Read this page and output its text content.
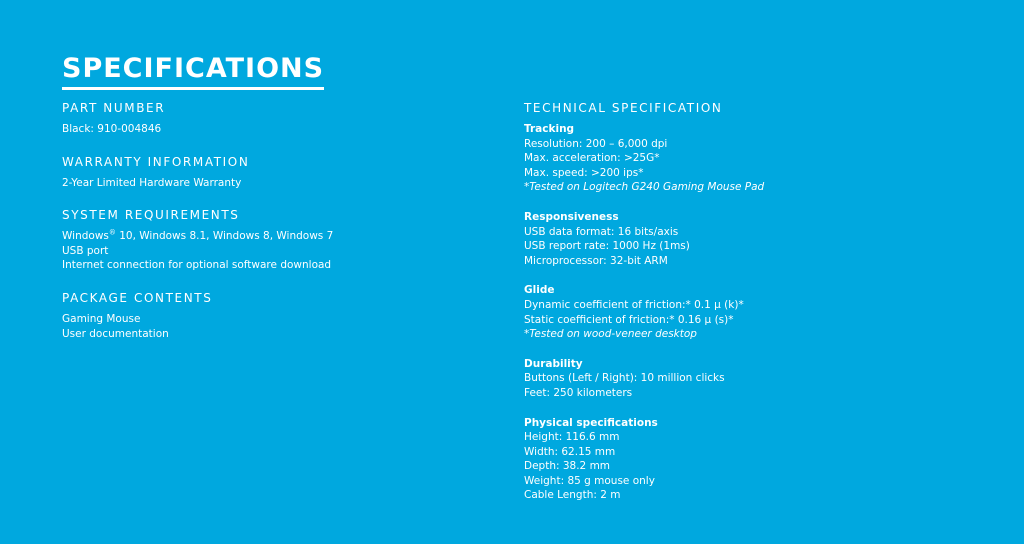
SPECIFICATIONS
PART NUMBER
Black: 910-004846
WARRANTY INFORMATION
2-Year Limited Hardware Warranty
SYSTEM REQUIREMENTS
Windows® 10, Windows 8.1, Windows 8, Windows 7
USB port
Internet connection for optional software download
PACKAGE CONTENTS
Gaming Mouse
User documentation
TECHNICAL SPECIFICATION
Tracking
Resolution: 200 – 6,000 dpi
Max. acceleration: >25G*
Max. speed: >200 ips*
*Tested on Logitech G240 Gaming Mouse Pad
Responsiveness
USB data format: 16 bits/axis
USB report rate: 1000 Hz (1ms)
Microprocessor: 32-bit ARM
Glide
Dynamic coefficient of friction:* 0.1 μ (k)*
Static coefficient of friction:* 0.16 μ (s)*
*Tested on wood-veneer desktop
Durability
Buttons (Left / Right): 10 million clicks
Feet: 250 kilometers
Physical specifications
Height: 116.6 mm
Width: 62.15 mm
Depth: 38.2 mm
Weight: 85 g mouse only
Cable Length: 2 m
